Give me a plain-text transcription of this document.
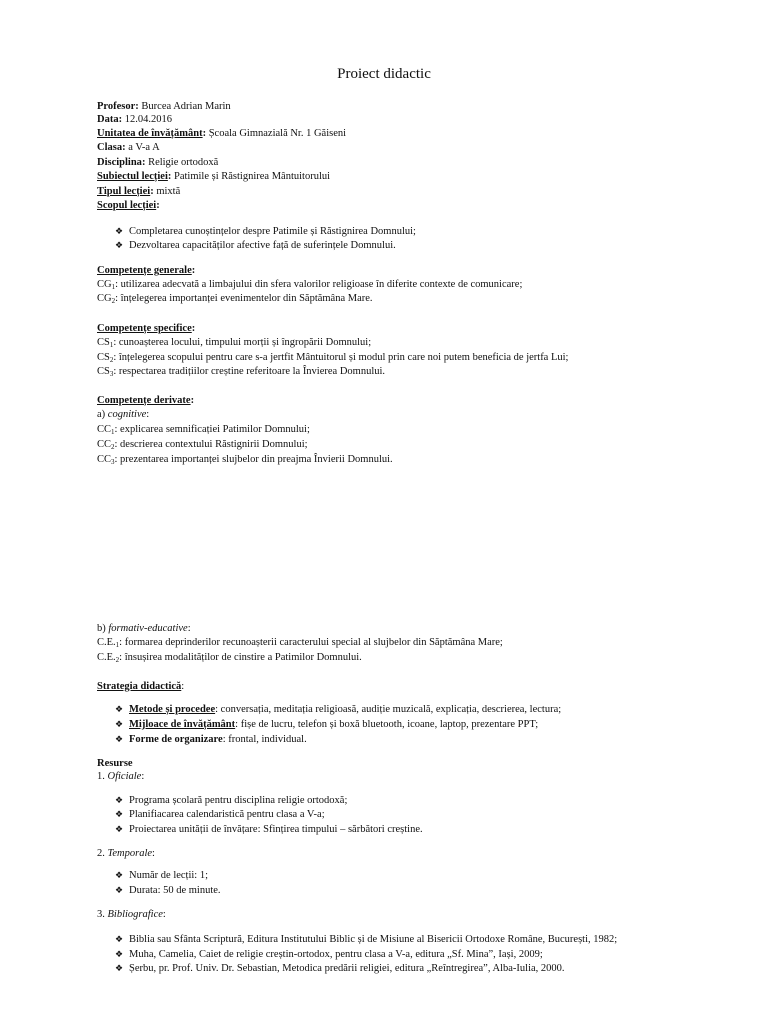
Proiect didactic
Profesor: Burcea Adrian Marin
Data: 12.04.2016
Unitatea de învățământ: Școala Gimnazială Nr. 1 Găiseni
Clasa: a V-a A
Disciplina: Religie ortodoxă
Subiectul lecției: Patimile și Răstignirea Mântuitorului
Tipul lecției: mixtă
Scopul lecției:
❖ Completarea cunoștințelor despre Patimile și Răstignirea Domnului;
❖ Dezvoltarea capacităților afective față de suferințele Domnului.
Competențe generale:
$CG_1$: utilizarea adecvată a limbajului din sfera valorilor religioase în diferite contexte de comunicare;
$CG_2$: înțelegerea importanței evenimentelor din Săptămâna Mare.
Competențe specifice:
$CS_1$: cunoașterea locului, timpului morții și îngropării Domnului;
$CS_2$: înțelegerea scopului pentru care s-a jertfit Mântuitorul și modul prin care noi putem beneficia de jertfa Lui;
$CS_3$: respectarea tradițiilor creștine referitoare la Învierea Domnului.
Competențe derivate:
a) cognitive:
$CC_1$: explicarea semnificației Patimilor Domnului;
$CC_2$: descrierea contextului Răstignirii Domnului;
$CC_3$: prezentarea importanței slujbelor din preajma Învierii Domnului.
b) formativ-educative:
$C.E._1$: formarea deprinderilor recunoașterii caracterului special al slujbelor din Săptămâna Mare;
$C.E._2$: însușirea modalităților de cinstire a Patimilor Domnului.
Strategia didactică:
❖ Metode și procedee: conversația, meditația religioasă, audiție muzicală, explicația, descrierea, lectura;
❖ Mijloace de învățământ: fișe de lucru, telefon și boxă bluetooth, icoane, laptop, prezentare PPT;
❖ Forme de organizare: frontal, individual.
Resurse
1. Oficiale:
❖ Programa școlară pentru disciplina religie ortodoxă;
❖ Planifiacarea calendaristică pentru clasa a V-a;
❖ Proiectarea unității de învățare: Sfințirea timpului – sărbători creștine.
2. Temporale:
❖ Număr de lecții: 1;
❖ Durata: 50 de minute.
3. Bibliografice:
❖ Biblia sau Sfânta Scriptură, Editura Institutului Biblic și de Misiune al Bisericii Ortodoxe Române, București, 1982;
❖ Muha, Camelia, Caiet de religie creștin-ortodox, pentru clasa a V-a, editura „Sf. Mina”, Iași, 2009;
❖ Șerbu, pr. Prof. Univ. Dr. Sebastian, Metodica predării religiei, editura „Reîntregirea”, Alba-Iulia, 2000.
